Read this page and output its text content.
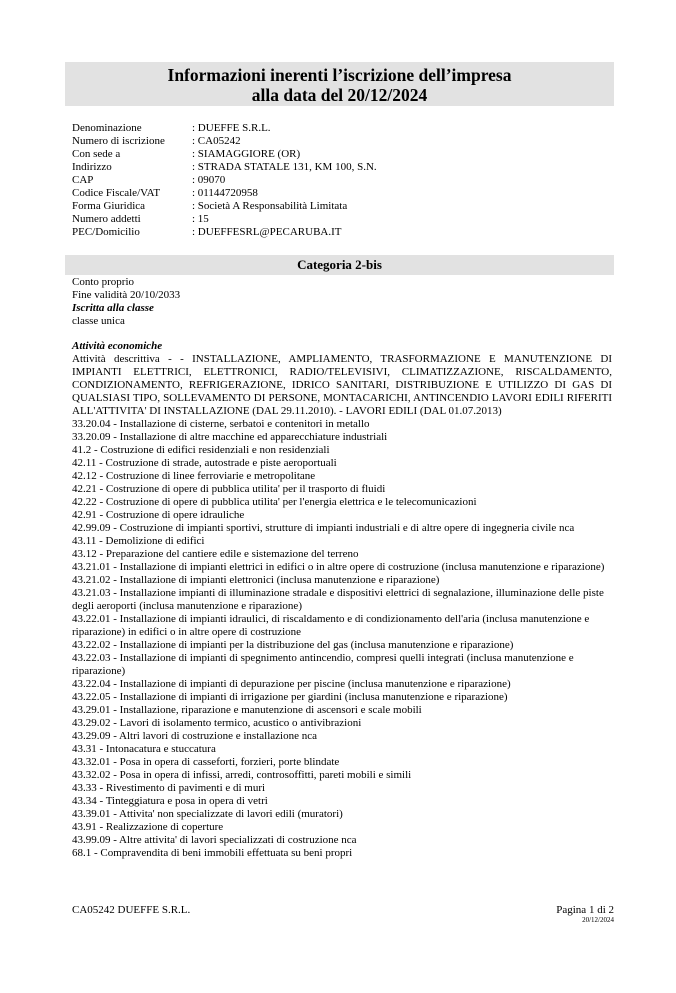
Informazioni inerenti l’iscrizione dell’impresa
alla data del 20/12/2024
Denominazione	: DUEFFE S.R.L.
Numero di iscrizione	: CA05242
Con sede a	: SIAMAGGIORE (OR)
Indirizzo	: STRADA STATALE 131, KM 100, S.N.
CAP	: 09070
Codice Fiscale/VAT	: 01144720958
Forma Giuridica	: Società A Responsabilità Limitata
Numero addetti	: 15
PEC/Domicilio	: DUEFFESRL@PECARUBA.IT
Categoria 2-bis
Conto proprio
Fine validità 20/10/2033
Iscritta alla classe
classe unica
Attività economiche
Attività descrittiva - - INSTALLAZIONE, AMPLIAMENTO, TRASFORMAZIONE E MANUTENZIONE DI IMPIANTI ELETTRICI, ELETTRONICI, RADIO/TELEVISIVI, CLIMATIZZAZIONE, RISCALDAMENTO, CONDIZIONAMENTO, REFRIGERAZIONE, IDRICO SANITARI, DISTRIBUZIONE E UTILIZZO DI GAS DI QUALSIASI TIPO, SOLLEVAMENTO DI PERSONE, MONTACARICHI, ANTINCENDIO LAVORI EDILI RIFERITI ALL'ATTIVITA' DI INSTALLAZIONE (DAL 29.11.2010). - LAVORI EDILI (DAL 01.07.2013)
33.20.04 - Installazione di cisterne, serbatoi e contenitori in metallo
33.20.09 - Installazione di altre macchine ed apparecchiature industriali
41.2 - Costruzione di edifici residenziali e non residenziali
42.11 - Costruzione di strade, autostrade e piste aeroportuali
42.12 - Costruzione di linee ferroviarie e metropolitane
42.21 - Costruzione di opere di pubblica utilita' per il trasporto di fluidi
42.22 - Costruzione di opere di pubblica utilita' per l'energia elettrica e le telecomunicazioni
42.91 - Costruzione di opere idrauliche
42.99.09 - Costruzione di impianti sportivi, strutture di impianti industriali e di altre opere di ingegneria civile nca
43.11 - Demolizione di edifici
43.12 - Preparazione del cantiere edile e sistemazione del terreno
43.21.01 - Installazione di impianti elettrici in edifici o in altre opere di costruzione (inclusa manutenzione e riparazione)
43.21.02 - Installazione di impianti elettronici (inclusa manutenzione e riparazione)
43.21.03 - Installazione impianti di illuminazione stradale e dispositivi elettrici di segnalazione, illuminazione delle piste degli aeroporti (inclusa manutenzione e riparazione)
43.22.01 - Installazione di impianti idraulici, di riscaldamento e di condizionamento dell'aria (inclusa manutenzione e riparazione) in edifici o in altre opere di costruzione
43.22.02 - Installazione di impianti per la distribuzione del gas (inclusa manutenzione e riparazione)
43.22.03 - Installazione di impianti di spegnimento antincendio, compresi quelli integrati (inclusa manutenzione e riparazione)
43.22.04 - Installazione di impianti di depurazione per piscine (inclusa manutenzione e riparazione)
43.22.05 - Installazione di impianti di irrigazione per giardini (inclusa manutenzione e riparazione)
43.29.01 - Installazione, riparazione e manutenzione di ascensori e scale mobili
43.29.02 - Lavori di isolamento termico, acustico o antivibrazioni
43.29.09 - Altri lavori di costruzione e installazione nca
43.31 - Intonacatura e stuccatura
43.32.01 - Posa in opera di casseforti, forzieri, porte blindate
43.32.02 - Posa in opera di infissi, arredi, controsoffitti, pareti mobili e simili
43.33 - Rivestimento di pavimenti e di muri
43.34 - Tinteggiatura e posa in opera di vetri
43.39.01 - Attivita' non specializzate di lavori edili (muratori)
43.91 - Realizzazione di coperture
43.99.09 - Altre attivita' di lavori specializzati di costruzione nca
68.1 - Compravendita di beni immobili effettuata su beni propri
CA05242 DUEFFE S.R.L.	Pagina 1 di 2
20/12/2024
